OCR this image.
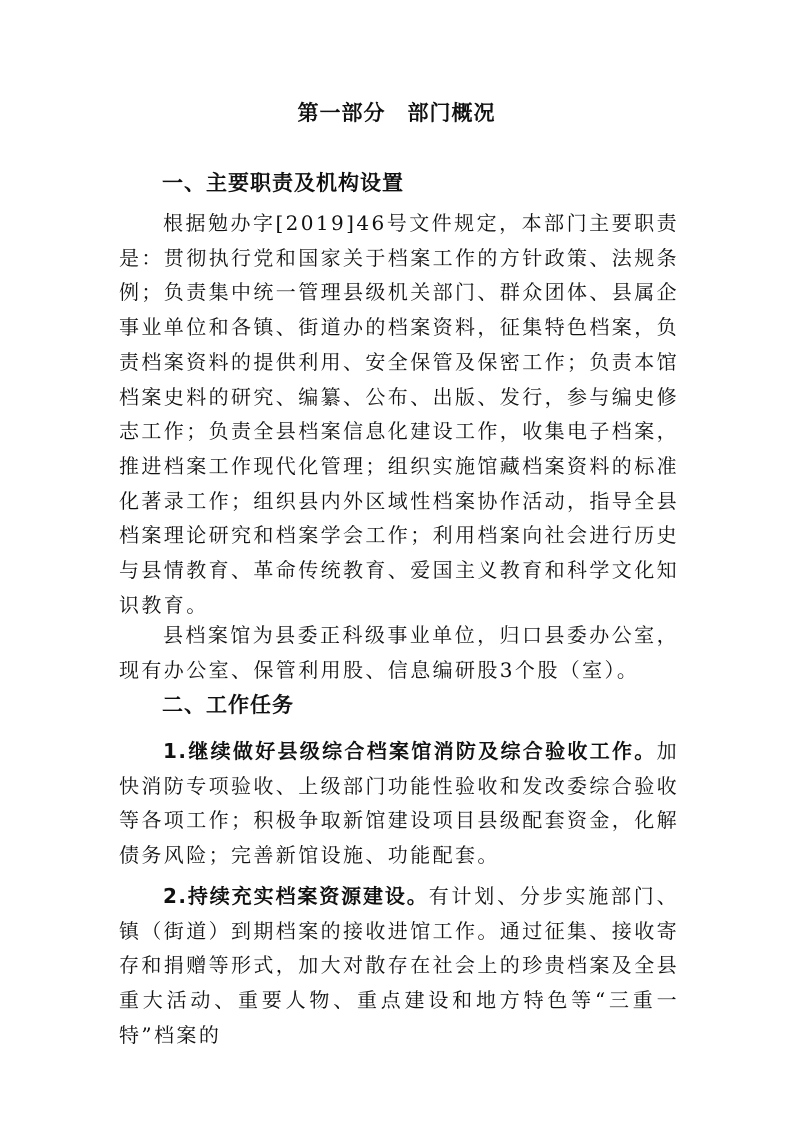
第一部分　部门概况
一、主要职责及机构设置

根据勉办字[2019]46号文件规定，本部门主要职责是：贯彻执行党和国家关于档案工作的方针政策、法规条例；负责集中统一管理县级机关部门、群众团体、县属企事业单位和各镇、街道办的档案资料，征集特色档案，负责档案资料的提供利用、安全保管及保密工作；负责本馆档案史料的研究、编纂、公布、出版、发行，参与编史修志工作；负责全县档案信息化建设工作，收集电子档案，推进档案工作现代化管理；组织实施馆藏档案资料的标准化著录工作；组织县内外区域性档案协作活动，指导全县档案理论研究和档案学会工作；利用档案向社会进行历史与县情教育、革命传统教育、爱国主义教育和科学文化知识教育。

县档案馆为县委正科级事业单位，归口县委办公室，现有办公室、保管利用股、信息编研股3个股（室）。

二、工作任务

1.继续做好县级综合档案馆消防及综合验收工作。加快消防专项验收、上级部门功能性验收和发改委综合验收等各项工作；积极争取新馆建设项目县级配套资金，化解债务风险；完善新馆设施、功能配套。

2.持续充实档案资源建设。有计划、分步实施部门、镇（街道）到期档案的接收进馆工作。通过征集、接收寄存和捐赠等形式，加大对散存在社会上的珍贵档案及全县重大活动、重要人物、重点建设和地方特色等“三重一特”档案的
